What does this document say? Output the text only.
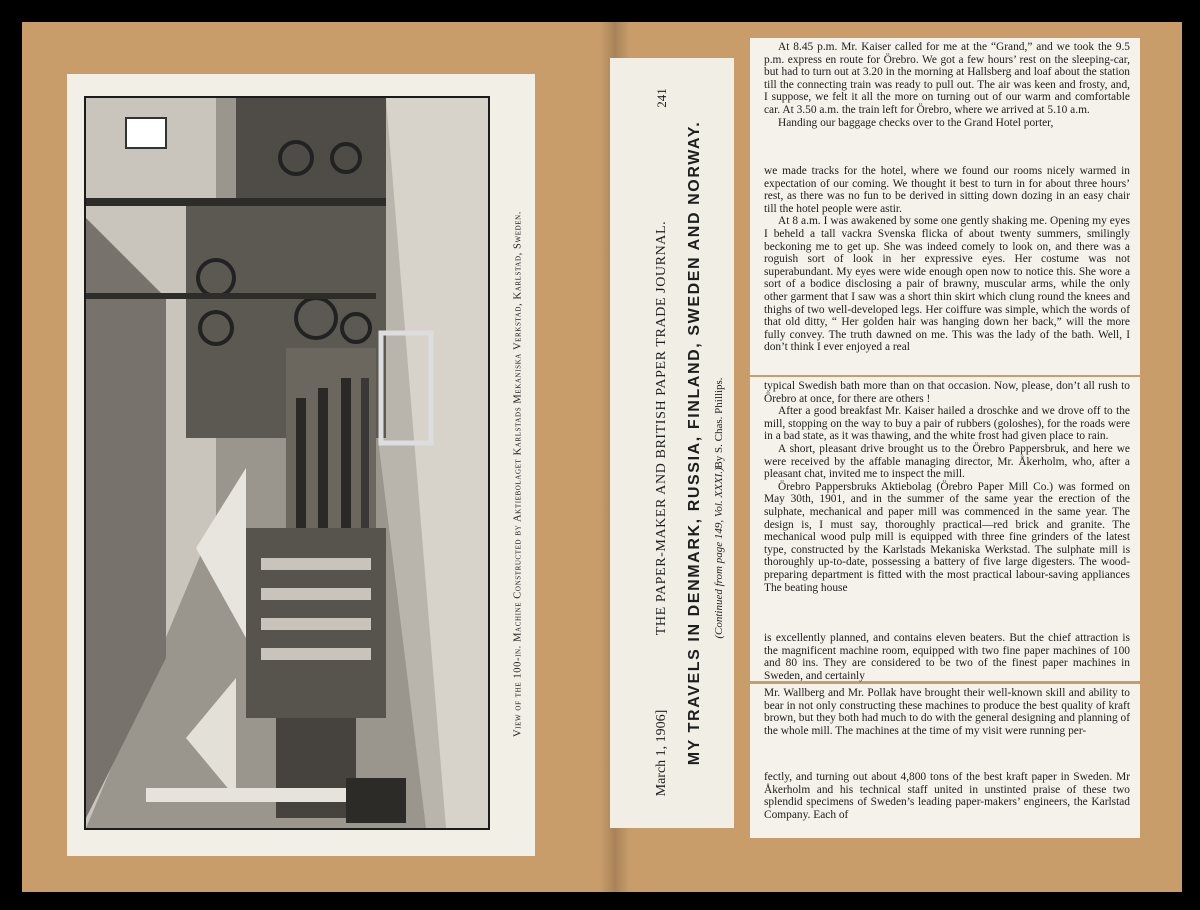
View of the 100-in. Machine Constructed by Aktiebolaget Karlstads Mekaniska Verkstad, Karlstad, Sweden.
March 1, 1906]
THE PAPER-MAKER AND BRITISH PAPER TRADE JOURNAL.
241
MY TRAVELS IN DENMARK, RUSSIA, FINLAND, SWEDEN AND NORWAY. By S. Chas. Phillips.
(Continued from page 149, Vol. XXXI.)

At 8.45 p.m. Mr. Kaiser called for me at the “Grand,” and we took the 9.5 p.m. express en route for Örebro. We got a few hours’ rest on the sleeping-car, but had to turn out at 3.20 in the morning at Hallsberg and loaf about the station till the connecting train was ready to pull out. The air was keen and frosty, and, I suppose, we felt it all the more on turning out of our warm and comfortable car. At 3.50 a.m. the train left for Örebro, where we arrived at 5.10 a.m.

Handing our baggage checks over to the Grand Hotel porter,

we made tracks for the hotel, where we found our rooms nicely warmed in expectation of our coming. We thought it best to turn in for about three hours’ rest, as there was no fun to be derived in sitting down dozing in an easy chair till the hotel people were astir.

At 8 a.m. I was awakened by some one gently shaking me. Opening my eyes I beheld a tall vackra Svenska flicka of about twenty summers, smilingly beckoning me to get up. She was indeed comely to look on, and there was a roguish sort of look in her expressive eyes. Her costume was not superabundant. My eyes were wide enough open now to notice this. She wore a sort of a bodice disclosing a pair of brawny, muscular arms, while the only other garment that I saw was a short thin skirt which clung round the knees and thighs of two well-developed legs. Her coiffure was simple, which the words of that old ditty, “ Her golden hair was hanging down her back,” will the more fully convey. The truth dawned on me. This was the lady of the bath. Well, I don’t think I ever enjoyed a real

typical Swedish bath more than on that occasion. Now, please, don’t all rush to Örebro at once, for there are others !

After a good breakfast Mr. Kaiser hailed a droschke and we drove off to the mill, stopping on the way to buy a pair of rubbers (goloshes), for the roads were in a bad state, as it was thawing, and the white frost had given place to rain.

A short, pleasant drive brought us to the Örebro Pappersbruk, and here we were received by the affable managing director, Mr. Åkerholm, who, after a pleasant chat, invited me to inspect the mill.

Örebro Pappersbruks Aktiebolag (Örebro Paper Mill Co.) was formed on May 30th, 1901, and in the summer of the same year the erection of the sulphate, mechanical and paper mill was commenced in the same year. The design is, I must say, thoroughly practical—red brick and granite. The mechanical wood pulp mill is equipped with three fine grinders of the latest type, constructed by the Karlstads Mekaniska Werkstad. The sulphate mill is thoroughly up-to-date, possessing a battery of five large digesters. The wood-preparing department is fitted with the most practical labour-saving appliances The beating house

is excellently planned, and contains eleven beaters. But the chief attraction is the magnificent machine room, equipped with two fine paper machines of 100 and 80 ins. They are considered to be two of the finest paper machines in Sweden, and certainly

Mr. Wallberg and Mr. Pollak have brought their well-known skill and ability to bear in not only constructing these machines to produce the best quality of kraft brown, but they both had much to do with the general designing and planning of the whole mill. The machines at the time of my visit were running per-

fectly, and turning out about 4,800 tons of the best kraft paper in Sweden. Mr Åkerholm and his technical staff united in unstinted praise of these two splendid specimens of Sweden’s leading paper-makers’ engineers, the Karlstad Company. Each of
